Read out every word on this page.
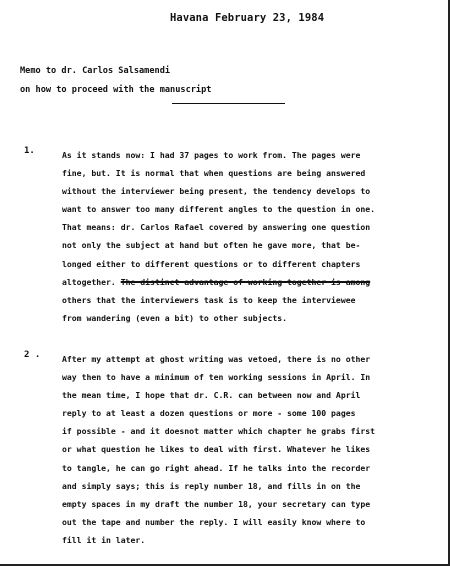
Havana February 23, 1984
Memo to dr. Carlos Salsamendi
on how to proceed with the manuscript
1.	As it stands now: I had 37 pages to work from. The pages were
fine, but. It is normal that when questions are being answered
without the interviewer being present, the tendency develops to
want to answer too many different angles to the question in one.
That means: dr. Carlos Rafael covered by answering one question
not only the subject at hand but often he gave more, that be-
longed either to different questions or to different chapters
altogether. The distinct advantage of working together is among
others that the interviewers task is to keep the interviewee
from wandering (even a bit) to other subjects.
2 .	After my attempt at ghost writing was vetoed, there is no other
way then to have a minimum of ten working sessions in April. In
the mean time, I hope that dr. C.R. can between now and April
reply to at least a dozen questions or more - some 100 pages
if possible - and it doesnot matter which chapter he grabs first
or what question he likes to deal with first. Whatever he likes
to tangle, he can go right ahead. If he talks into the recorder
and simply says; this is reply number 18, and fills in on the
empty spaces in my draft the number 18, your secretary can type
out the tape and number the reply. I will easily know where to
fill it in later.
